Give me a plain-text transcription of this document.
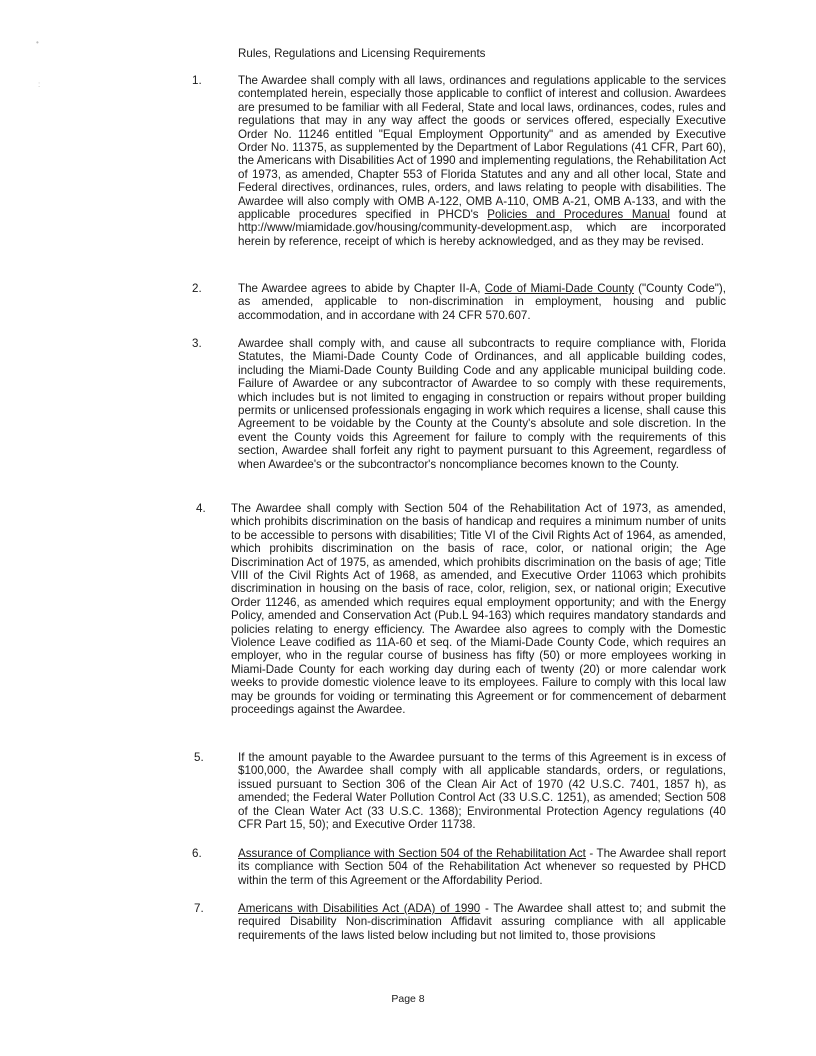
•
:
Rules, Regulations and Licensing Requirements
1.	The Awardee shall comply with all laws, ordinances and regulations applicable to the services contemplated herein, especially those applicable to conflict of interest and collusion. Awardees are presumed to be familiar with all Federal, State and local laws, ordinances, codes, rules and regulations that may in any way affect the goods or services offered, especially Executive Order No. 11246 entitled "Equal Employment Opportunity" and as amended by Executive Order No. 11375, as supplemented by the Department of Labor Regulations (41 CFR, Part 60), the Americans with Disabilities Act of 1990 and implementing regulations, the Rehabilitation Act of 1973, as amended, Chapter 553 of Florida Statutes and any and all other local, State and Federal directives, ordinances, rules, orders, and laws relating to people with disabilities. The Awardee will also comply with OMB A-122, OMB A-110, OMB A-21, OMB A-133, and with the applicable procedures specified in PHCD's Policies and Procedures Manual found at http://www/miamidade.gov/housing/community-development.asp, which are incorporated herein by reference, receipt of which is hereby acknowledged, and as they may be revised.
2.	The Awardee agrees to abide by Chapter II-A, Code of Miami-Dade County ("County Code"), as amended, applicable to non-discrimination in employment, housing and public accommodation, and in accordane with 24 CFR 570.607.
3.	Awardee shall comply with, and cause all subcontracts to require compliance with, Florida Statutes, the Miami-Dade County Code of Ordinances, and all applicable building codes, including the Miami-Dade County Building Code and any applicable municipal building code. Failure of Awardee or any subcontractor of Awardee to so comply with these requirements, which includes but is not limited to engaging in construction or repairs without proper building permits or unlicensed professionals engaging in work which requires a license, shall cause this Agreement to be voidable by the County at the County's absolute and sole discretion. In the event the County voids this Agreement for failure to comply with the requirements of this section, Awardee shall forfeit any right to payment pursuant to this Agreement, regardless of when Awardee's or the subcontractor's noncompliance becomes known to the County.
4. The Awardee shall comply with Section 504 of the Rehabilitation Act of 1973, as amended, which prohibits discrimination on the basis of handicap and requires a minimum number of units to be accessible to persons with disabilities; Title VI of the Civil Rights Act of 1964, as amended, which prohibits discrimination on the basis of race, color, or national origin; the Age Discrimination Act of 1975, as amended, which prohibits discrimination on the basis of age; Title VIII of the Civil Rights Act of 1968, as amended, and Executive Order 11063 which prohibits discrimination in housing on the basis of race, color, religion, sex, or national origin; Executive Order 11246, as amended which requires equal employment opportunity; and with the Energy Policy, amended and Conservation Act (Pub.L 94-163) which requires mandatory standards and policies relating to energy efficiency. The Awardee also agrees to comply with the Domestic Violence Leave codified as 11A-60 et seq. of the Miami-Dade County Code, which requires an employer, who in the regular course of business has fifty (50) or more employees working in Miami-Dade County for each working day during each of twenty (20) or more calendar work weeks to provide domestic violence leave to its employees. Failure to comply with this local law may be grounds for voiding or terminating this Agreement or for commencement of debarment proceedings against the Awardee.
5.	If the amount payable to the Awardee pursuant to the terms of this Agreement is in excess of $100,000, the Awardee shall comply with all applicable standards, orders, or regulations, issued pursuant to Section 306 of the Clean Air Act of 1970 (42 U.S.C. 7401, 1857 h), as amended; the Federal Water Pollution Control Act (33 U.S.C. 1251), as amended; Section 508 of the Clean Water Act (33 U.S.C. 1368); Environmental Protection Agency regulations (40 CFR Part 15, 50); and Executive Order 11738.
6.	Assurance of Compliance with Section 504 of the Rehabilitation Act - The Awardee shall report its compliance with Section 504 of the Rehabilitation Act whenever so requested by PHCD within the term of this Agreement or the Affordability Period.
7.	Americans with Disabilities Act (ADA) of 1990 - The Awardee shall attest to; and submit the required Disability Non-discrimination Affidavit assuring compliance with all applicable requirements of the laws listed below including but not limited to, those provisions
Page 8
